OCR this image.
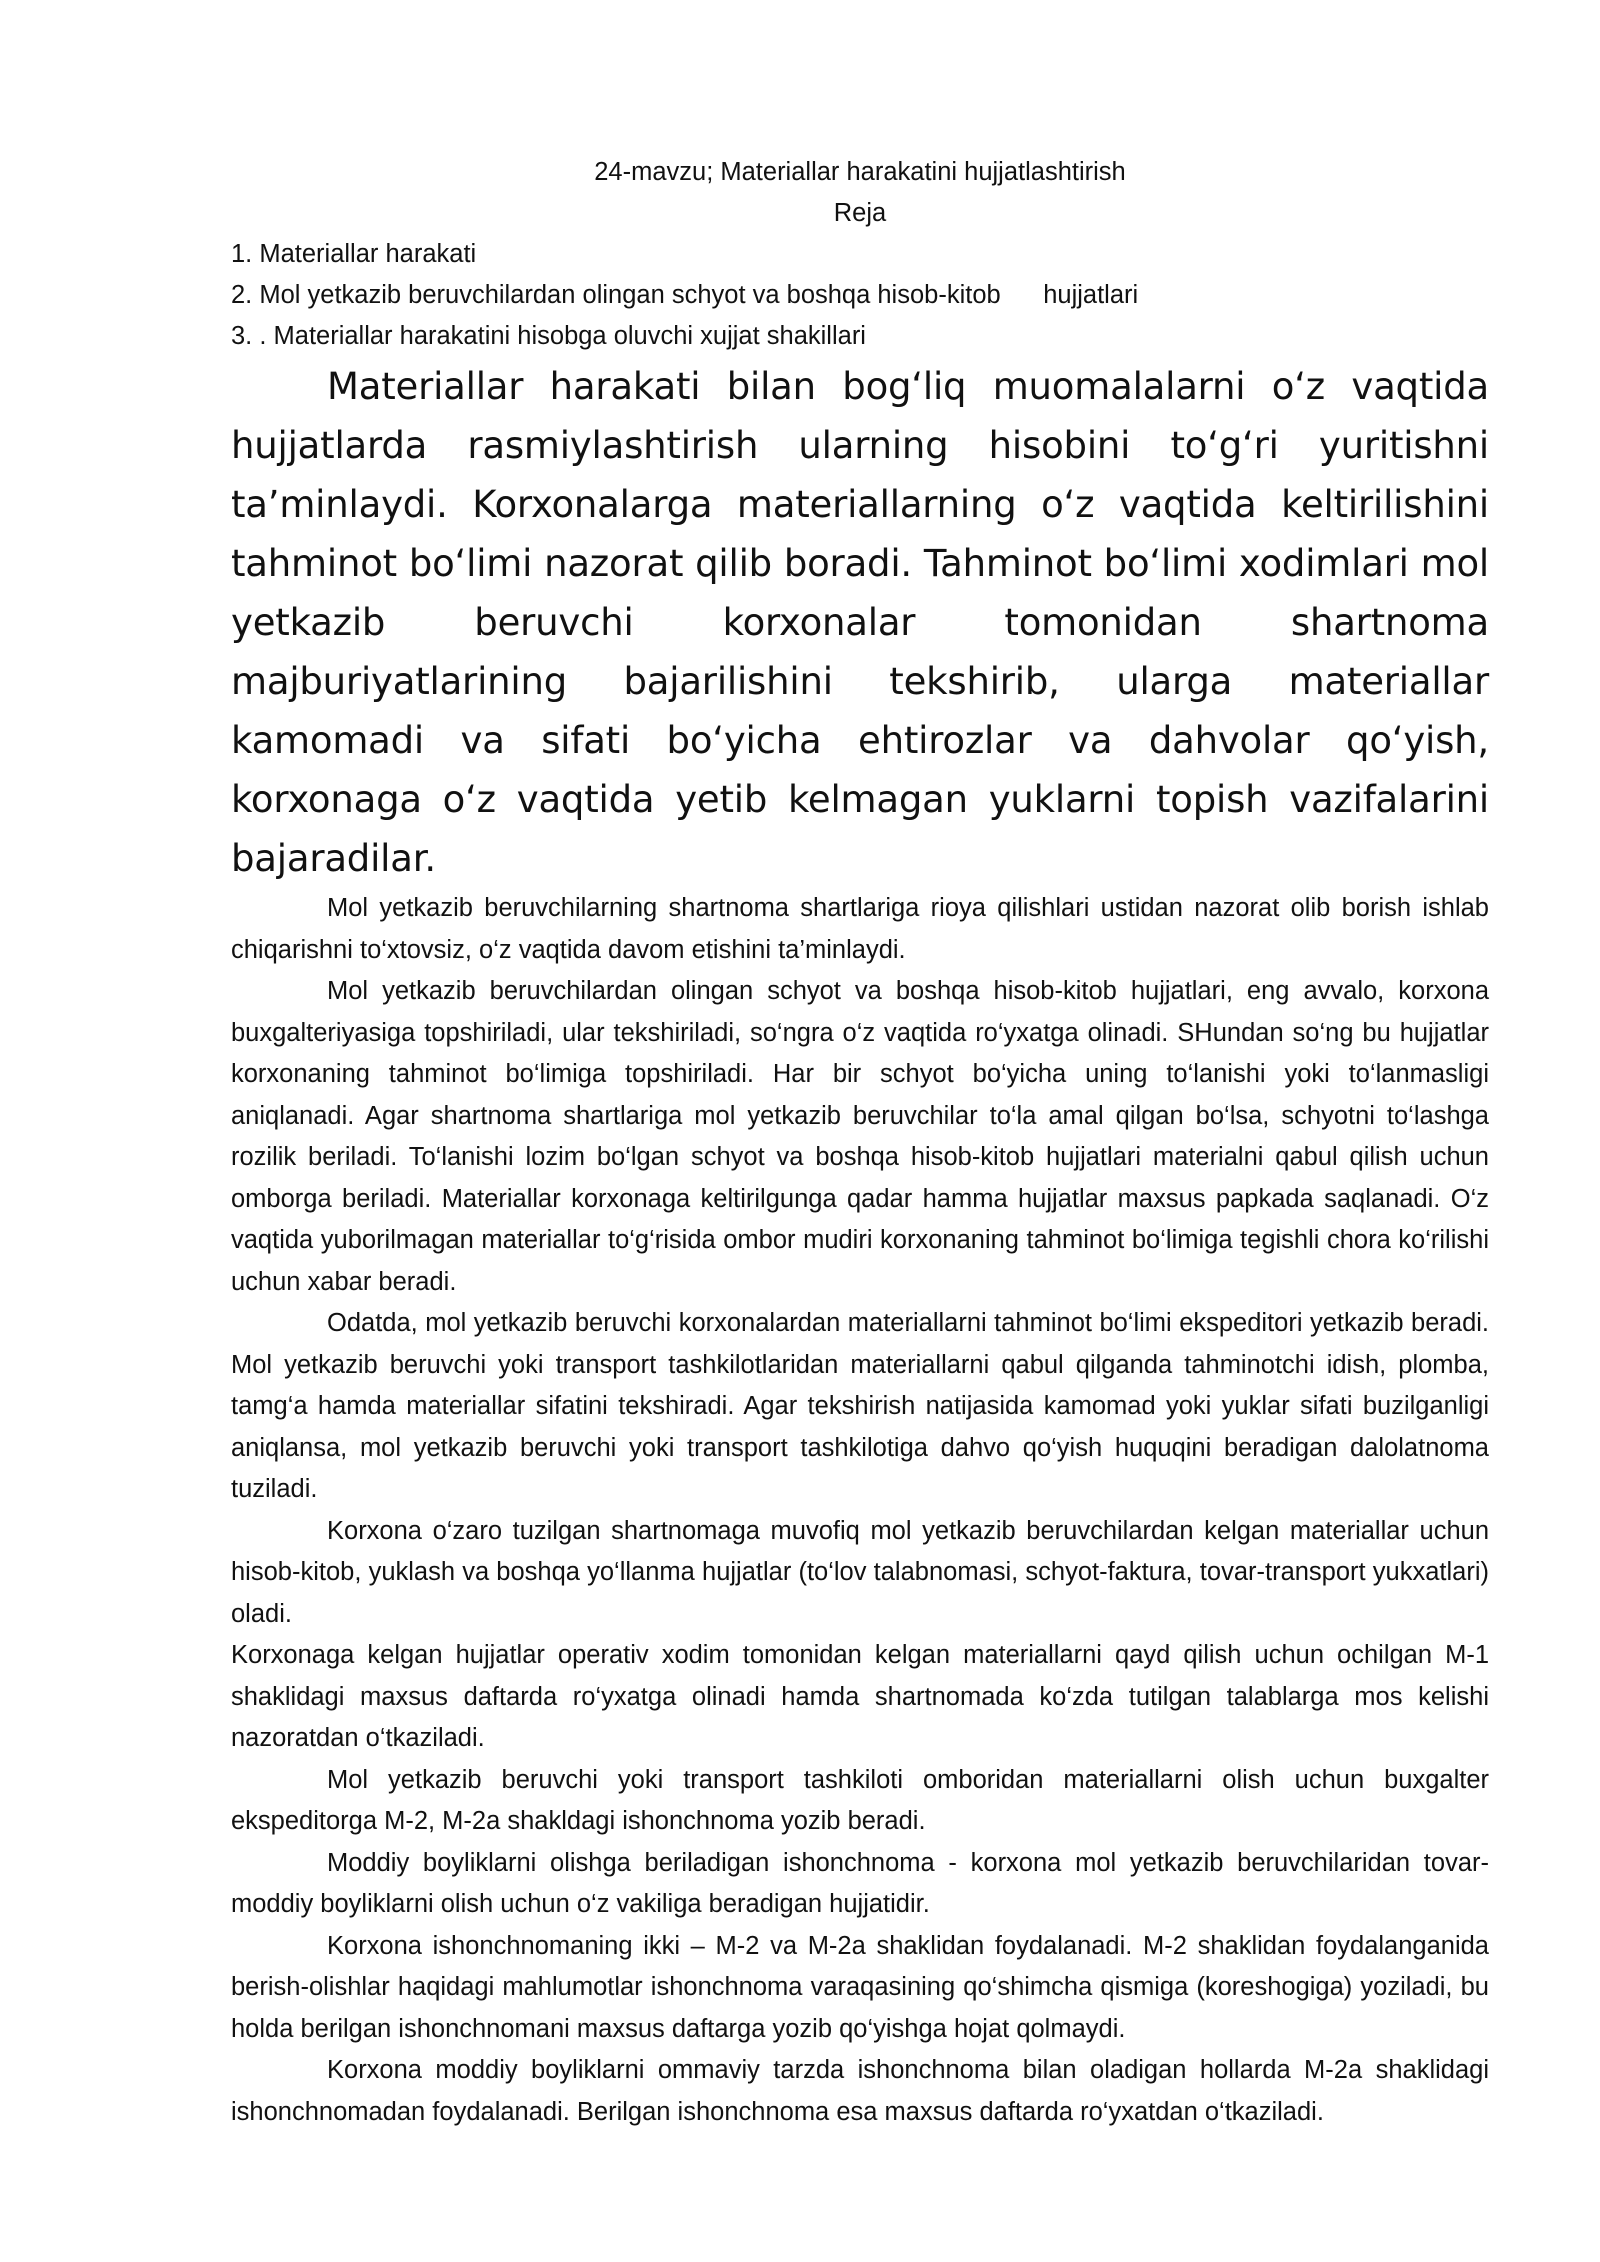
24-mavzu; Materiallar harakatini hujjatlashtirish

Reja

1. Materiallar harakati

2. Mol yetkazib beruvchilardan olingan schyot va boshqa hisob-kitob      hujjatlari

3. . Materiallar harakatini hisobga oluvchi xujjat shakillari

Materiallar harakati bilan bog‘liq muomalalarni o‘z vaqtida hujjatlarda rasmiylashtirish ularning hisobini to‘g‘ri yuritishni ta’minlaydi. Korxonalarga materiallarning o‘z vaqtida keltirilishini tahminot bo‘limi nazorat qilib boradi. Tahminot bo‘limi xodimlari mol yetkazib beruvchi korxonalar tomonidan shartnoma majburiyatlarining bajarilishini tekshirib, ularga materiallar kamomadi va sifati bo‘yicha ehtirozlar va dahvolar qo‘yish, korxonaga o‘z vaqtida yetib kelmagan yuklarni topish vazifalarini bajaradilar.

Mol yetkazib beruvchilarning shartnoma shartlariga rioya qilishlari ustidan nazorat olib borish ishlab chiqarishni to‘xtovsiz, o‘z vaqtida davom etishini ta’minlaydi.

Mol yetkazib beruvchilardan olingan schyot va boshqa hisob-kitob hujjatlari, eng avvalo, korxona buxgalteriyasiga topshiriladi, ular tekshiriladi, so‘ngra o‘z vaqtida ro‘yxatga olinadi. SHundan so‘ng bu hujjatlar korxonaning tahminot bo‘limiga topshiriladi. Har bir schyot bo‘yicha uning to‘lanishi yoki to‘lanmasligi aniqlanadi. Agar shartnoma shartlariga mol yetkazib beruvchilar to‘la amal qilgan bo‘lsa, schyotni to‘lashga rozilik beriladi. To‘lanishi lozim bo‘lgan schyot va boshqa hisob-kitob hujjatlari materialni qabul qilish uchun omborga beriladi. Materiallar korxonaga keltirilgunga qadar hamma hujjatlar maxsus papkada saqlanadi. O‘z vaqtida yuborilmagan materiallar to‘g‘risida ombor mudiri korxonaning tahminot bo‘limiga tegishli chora ko‘rilishi uchun xabar beradi.

Odatda, mol yetkazib beruvchi korxonalardan materiallarni tahminot bo‘limi ekspeditori yetkazib beradi. Mol yetkazib beruvchi yoki transport tashkilotlaridan materiallarni qabul qilganda tahminotchi idish, plomba, tamg‘a hamda materiallar sifatini tekshiradi. Agar tekshirish natijasida kamomad yoki yuklar sifati buzilganligi aniqlansa, mol yetkazib beruvchi yoki transport tashkilotiga dahvo qo‘yish huquqini beradigan dalolatnoma tuziladi.

Korxona o‘zaro tuzilgan shartnomaga muvofiq mol yetkazib beruvchilardan kelgan materiallar uchun hisob-kitob, yuklash va boshqa yo‘llanma hujjatlar (to‘lov talabnomasi, schyot-faktura, tovar-transport yukxatlari) oladi.

Korxonaga kelgan hujjatlar operativ xodim tomonidan kelgan materiallarni qayd qilish uchun ochilgan M-1 shaklidagi maxsus daftarda ro‘yxatga olinadi hamda shartnomada ko‘zda tutilgan talablarga mos kelishi nazoratdan o‘tkaziladi.

Mol yetkazib beruvchi yoki transport tashkiloti omboridan materiallarni olish uchun buxgalter ekspeditorga M-2, M-2a shakldagi ishonchnoma yozib beradi.

Moddiy boyliklarni olishga beriladigan ishonchnoma - korxona mol yetkazib beruvchilaridan tovar-moddiy boyliklarni olish uchun o‘z vakiliga beradigan hujjatidir.

Korxona ishonchnomaning ikki – M-2 va M-2a shaklidan foydalanadi. M-2 shaklidan foydalanganida berish-olishlar haqidagi mahlumotlar ishonchnoma varaqasining qo‘shimcha qismiga (koreshogiga) yoziladi, bu holda berilgan ishonchnomani maxsus daftarga yozib qo‘yishga hojat qolmaydi.

Korxona moddiy boyliklarni ommaviy tarzda ishonchnoma bilan oladigan hollarda M-2a shaklidagi ishonchnomadan foydalanadi. Berilgan ishonchnoma esa maxsus daftarda ro‘yxatdan o‘tkaziladi.
